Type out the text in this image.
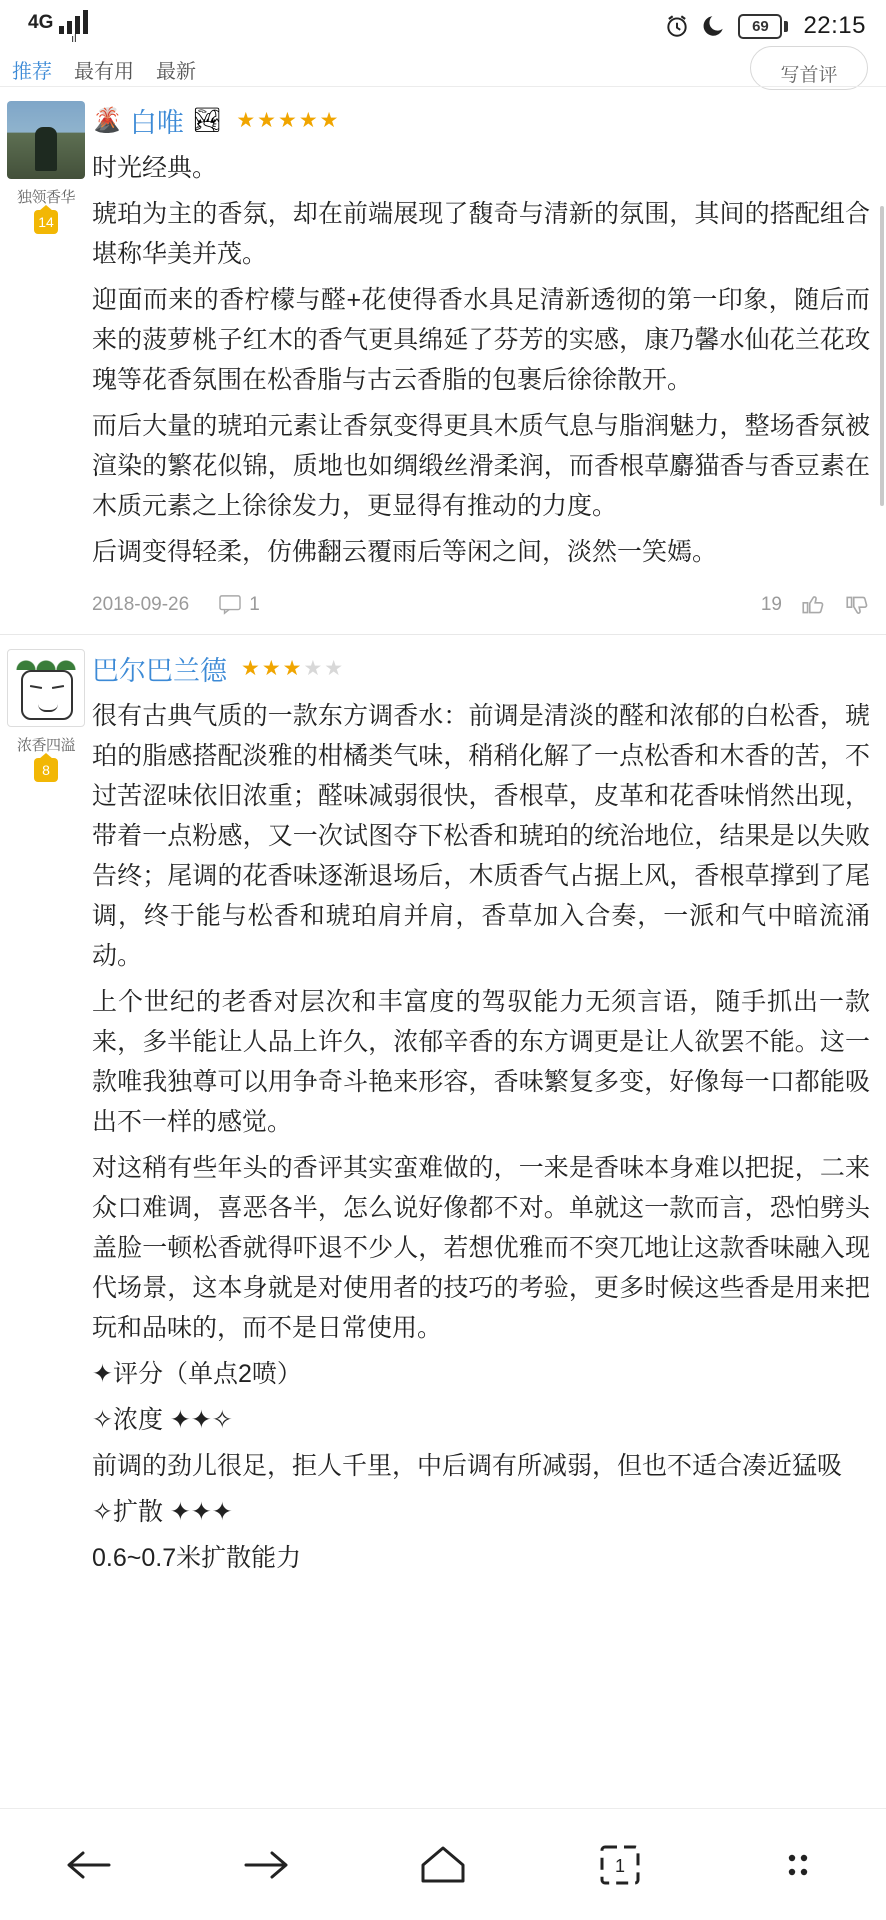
4G
ıl
69 22:15
推荐 最有用 最新	写首评
独领香华
14
🌋 白唯 🏞 ★★★★★

时光经典。

琥珀为主的香氛，却在前端展现了馥奇与清新的氛围，其间的搭配组合堪称华美并茂。

迎面而来的香柠檬与醛+花使得香水具足清新透彻的第一印象，随后而来的菠萝桃子红木的香气更具绵延了芬芳的实感，康乃馨水仙花兰花玫瑰等花香氛围在松香脂与古云香脂的包裹后徐徐散开。

而后大量的琥珀元素让香氛变得更具木质气息与脂润魅力，整场香氛被渲染的繁花似锦，质地也如绸缎丝滑柔润，而香根草麝猫香与香豆素在木质元素之上徐徐发力，更显得有推动的力度。

后调变得轻柔，仿佛翻云覆雨后等闲之间，淡然一笑嫣。

2018-09-26	1	19
浓香四溢
8
巴尔巴兰德 ★★★★★

很有古典气质的一款东方调香水：前调是清淡的醛和浓郁的白松香，琥珀的脂感搭配淡雅的柑橘类气味，稍稍化解了一点松香和木香的苦，不过苦涩味依旧浓重；醛味减弱很快，香根草，皮革和花香味悄然出现，带着一点粉感，又一次试图夺下松香和琥珀的统治地位，结果是以失败告终；尾调的花香味逐渐退场后，木质香气占据上风，香根草撑到了尾调，终于能与松香和琥珀肩并肩，香草加入合奏，一派和气中暗流涌动。

上个世纪的老香对层次和丰富度的驾驭能力无须言语，随手抓出一款来，多半能让人品上许久，浓郁辛香的东方调更是让人欲罢不能。这一款唯我独尊可以用争奇斗艳来形容，香味繁复多变，好像每一口都能吸出不一样的感觉。

对这稍有些年头的香评其实蛮难做的，一来是香味本身难以把捉，二来众口难调，喜恶各半，怎么说好像都不对。单就这一款而言，恐怕劈头盖脸一顿松香就得吓退不少人，若想优雅而不突兀地让这款香味融入现代场景，这本身就是对使用者的技巧的考验，更多时候这些香是用来把玩和品味的，而不是日常使用。

✦评分（单点2喷）

✧浓度 ✦✦✧

前调的劲儿很足，拒人千里，中后调有所减弱，但也不适合凑近猛吸

✧扩散 ✦✦✦

0.6~0.7米扩散能力

1
